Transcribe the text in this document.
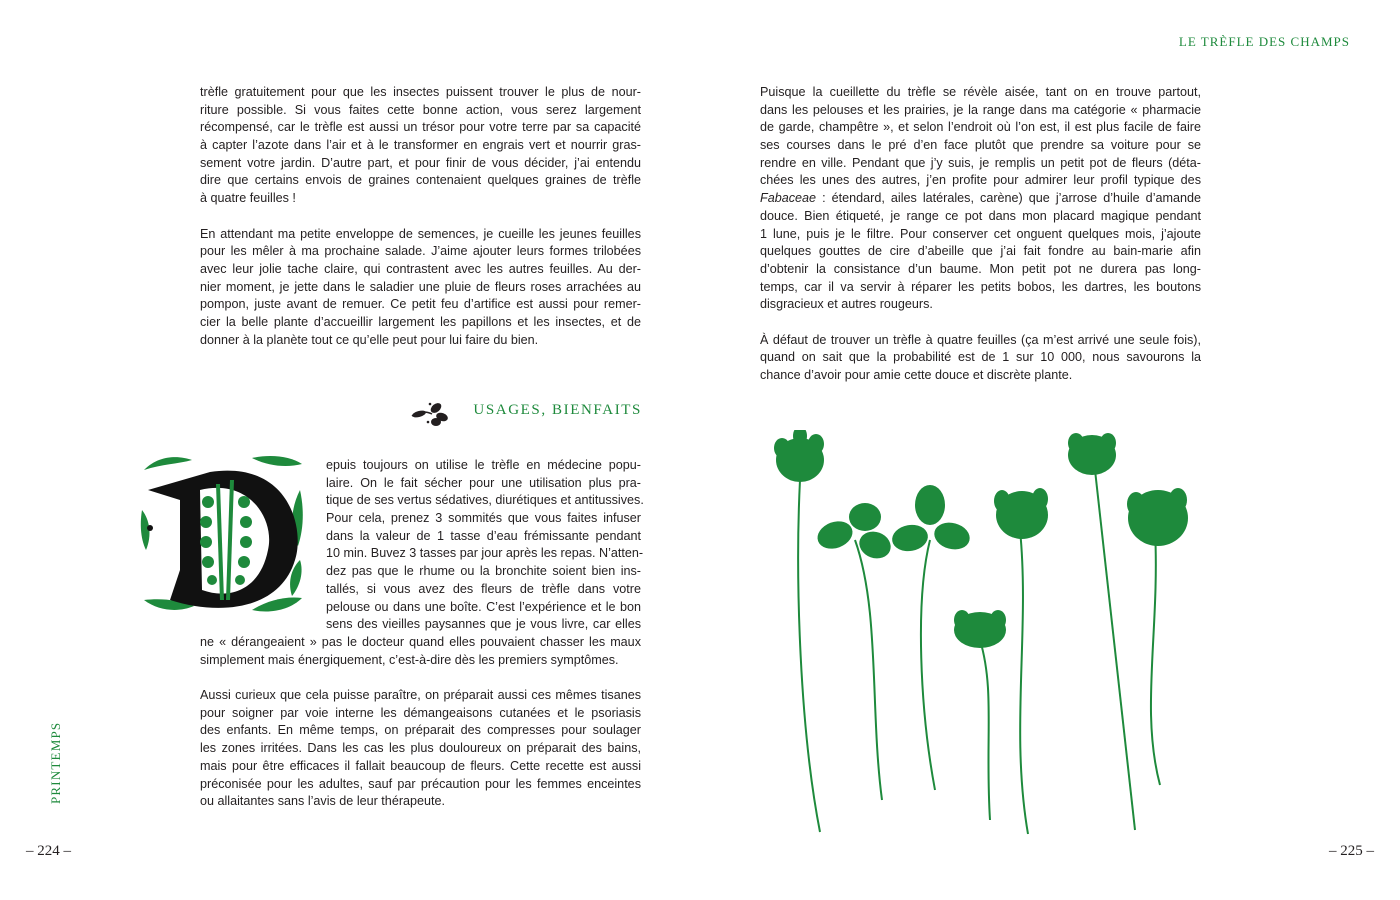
LE TRÈFLE DES CHAMPS
PRINTEMPS
– 224 –	– 225 –
trèfle gratuitement pour que les insectes puissent trouver le plus de nour-
riture possible. Si vous faites cette bonne action, vous serez largement
récompensé, car le trèfle est aussi un trésor pour votre terre par sa capacité
à capter l’azote dans l’air et à le transformer en engrais vert et nourrir gras-
sement votre jardin. D’autre part, et pour finir de vous décider, j’ai entendu
dire que certains envois de graines contenaient quelques graines de trèfle
à quatre feuilles !
En attendant ma petite enveloppe de semences, je cueille les jeunes feuilles
pour les mêler à ma prochaine salade. J’aime ajouter leurs formes trilobées
avec leur jolie tache claire, qui contrastent avec les autres feuilles. Au der-
nier moment, je jette dans le saladier une pluie de fleurs roses arrachées au
pompon, juste avant de remuer. Ce petit feu d’artifice est aussi pour remer-
cier la belle plante d’accueillir largement les papillons et les insectes, et de
donner à la planète tout ce qu’elle peut pour lui faire du bien.
USAGES, BIENFAITS
epuis toujours on utilise le trèfle en médecine popu-
laire. On le fait sécher pour une utilisation plus pra-
tique de ses vertus sédatives, diurétiques et antitussives.
Pour cela, prenez 3 sommités que vous faites infuser
dans la valeur de 1 tasse d’eau frémissante pendant
10 min. Buvez 3 tasses par jour après les repas. N’atten-
dez pas que le rhume ou la bronchite soient bien ins-
tallés, si vous avez des fleurs de trèfle dans votre
pelouse ou dans une boîte. C’est l’expérience et le bon
sens des vieilles paysannes que je vous livre, car elles
ne « dérangeaient » pas le docteur quand elles pouvaient chasser les maux
simplement mais énergiquement, c’est-à-dire dès les premiers symptômes.
Aussi curieux que cela puisse paraître, on préparait aussi ces mêmes tisanes
pour soigner par voie interne les démangeaisons cutanées et le psoriasis
des enfants. En même temps, on préparait des compresses pour soulager
les zones irritées. Dans les cas les plus douloureux on préparait des bains,
mais pour être efficaces il fallait beaucoup de fleurs. Cette recette est aussi
préconisée pour les adultes, sauf par précaution pour les femmes enceintes
ou allaitantes sans l’avis de leur thérapeute.
Puisque la cueillette du trèfle se révèle aisée, tant on en trouve partout,
dans les pelouses et les prairies, je la range dans ma catégorie « pharmacie
de garde, champêtre », et selon l’endroit où l’on est, il est plus facile de faire
ses courses dans le pré d’en face plutôt que prendre sa voiture pour se
rendre en ville. Pendant que j’y suis, je remplis un petit pot de fleurs (déta-
chées les unes des autres, j’en profite pour admirer leur profil typique des
Fabaceae : étendard, ailes latérales, carène) que j’arrose d’huile d’amande
douce. Bien étiqueté, je range ce pot dans mon placard magique pendant
1 lune, puis je le filtre. Pour conserver cet onguent quelques mois, j’ajoute
quelques gouttes de cire d’abeille que j’ai fait fondre au bain-marie afin
d’obtenir la consistance d’un baume. Mon petit pot ne durera pas long-
temps, car il va servir à réparer les petits bobos, les dartres, les boutons
disgracieux et autres rougeurs.
À défaut de trouver un trèfle à quatre feuilles (ça m’est arrivé une seule fois),
quand on sait que la probabilité est de 1 sur 10 000, nous savourons la
chance d’avoir pour amie cette douce et discrète plante.
